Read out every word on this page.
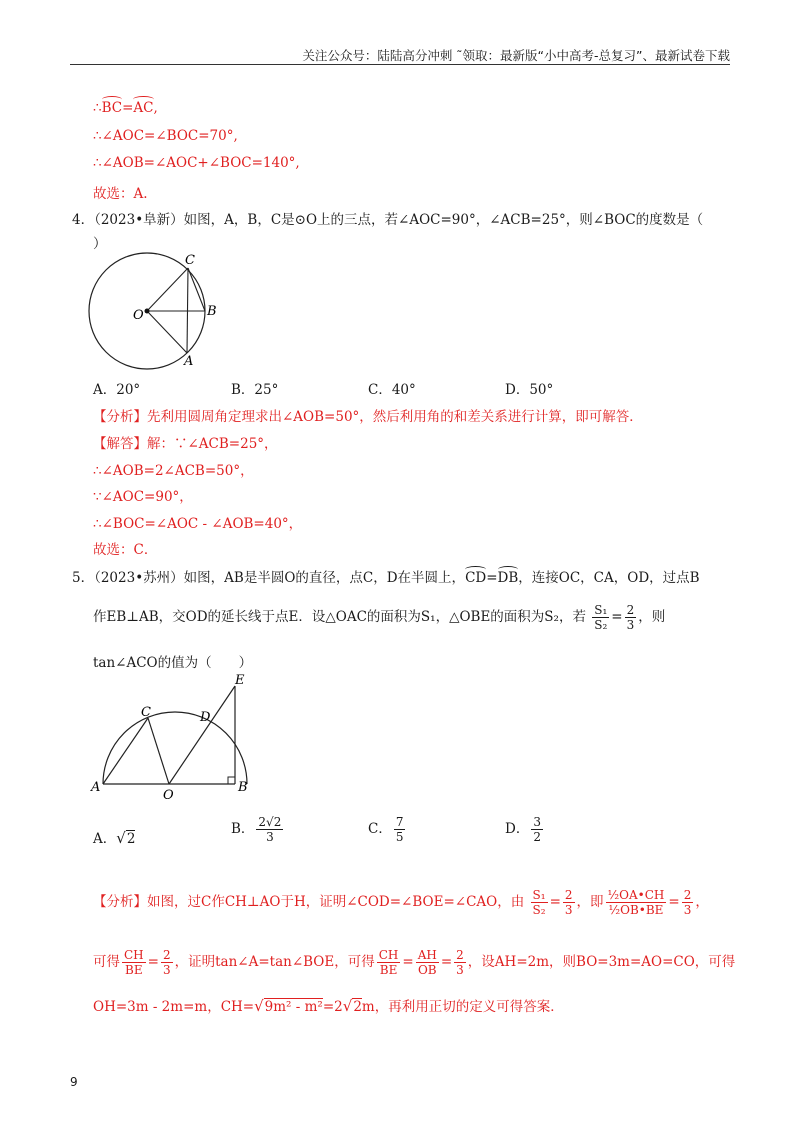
关注公众号：陆陆高分冲刺 ˜领取：最新版“小中高考-总复习”、最新试卷下载
∴BC=AC,
∴∠AOC=∠BOC=70°,
∴∠AOB=∠AOC+∠BOC=140°,
故选：A.
4．（2023•阜新）如图，A，B，C是⊙O上的三点，若∠AOC=90°，∠ACB=25°，则∠BOC的度数是（
）
O
C
B
A
A．20°	B．25°	C．40°	D．50°
【分析】先利用圆周角定理求出∠AOB=50°，然后利用角的和差关系进行计算，即可解答．
【解答】解：∵∠ACB=25°，
∴∠AOB=2∠ACB=50°，
∵∠AOC=90°，
∴∠BOC=∠AOC - ∠AOB=40°，
故选：C．
5．（2023•苏州）如图，AB是半圆O的直径，点C，D在半圆上，CD=DB，连接OC，CA，OD，过点B
作EB⊥AB，交OD的延长线于点E．设△OAC的面积为S₁，△OBE的面积为S₂，若 $\frac{\text{S₁}}{\text{S₂}} = \frac{2}{3}$ ，则
tan∠ACO的值为（　　）
E
C	D
A
O
B
A．√2
B． $\frac{2√2}{3}$	C． $\frac{7}{5}$	D． $\frac{3}{2}$
【分析】如图，过C作CH⊥AO于H，证明∠COD=∠BOE=∠CAO，由 $\frac{\text{S₁}}{\text{S₂}} = \frac{2}{3}$ ，即 $\frac{\text{½OA•CH}}{\text{½OB•BE}} = \frac{2}{3}$ ，
可得 $\frac{CH}{BE} = \frac{2}{3}$ ，证明tan∠A=tan∠BOE，可得 $\frac{CH}{BE} = \frac{AH}{OB} = \frac{2}{3}$ ，设AH=2m，则BO=3m=AO=CO，可得
OH=3m - 2m=m，CH=√9m² - m²=2√2m，再利用正切的定义可得答案．
9
